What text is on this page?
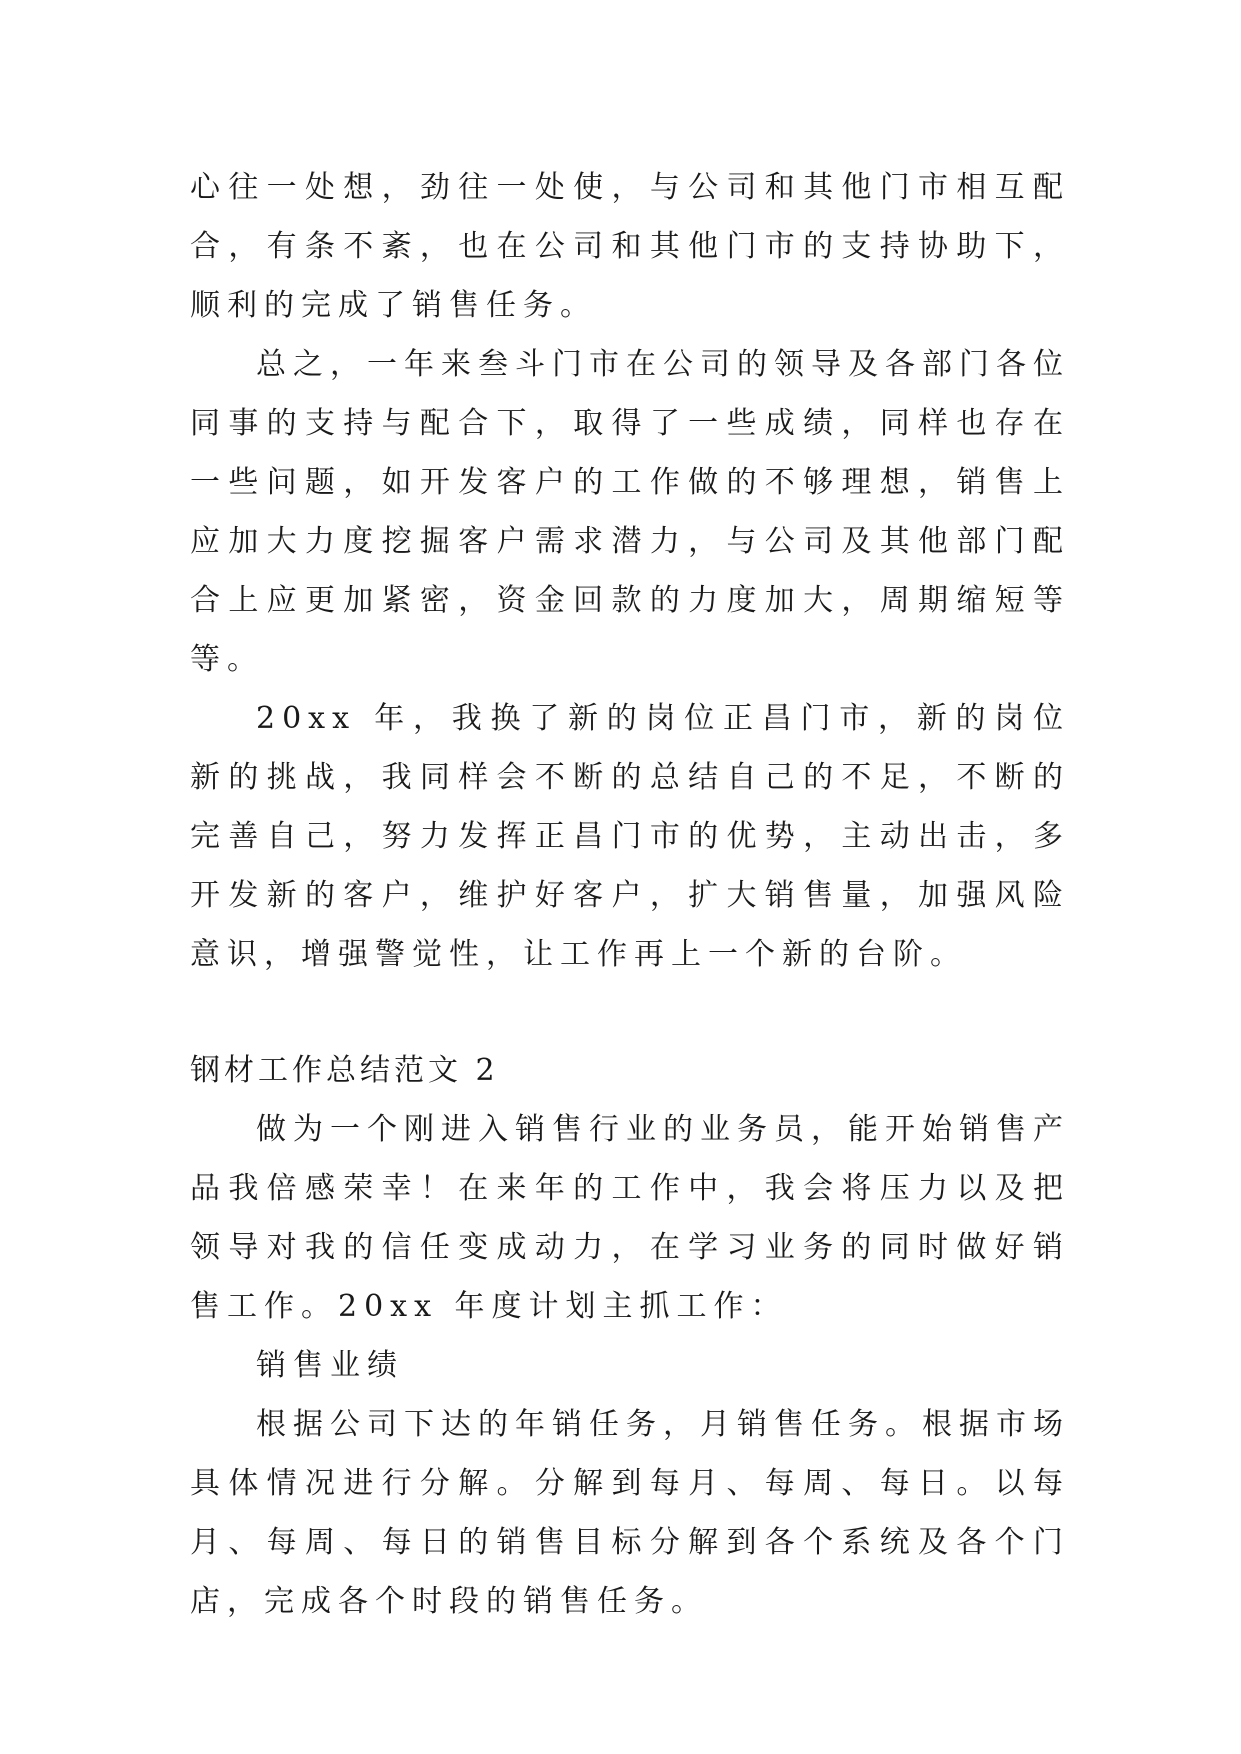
心往一处想，劲往一处使，与公司和其他门市相互配合，有条不紊，也在公司和其他门市的支持协助下，顺利的完成了销售任务。

总之，一年来叁斗门市在公司的领导及各部门各位同事的支持与配合下，取得了一些成绩，同样也存在一些问题，如开发客户的工作做的不够理想，销售上应加大力度挖掘客户需求潜力，与公司及其他部门配合上应更加紧密，资金回款的力度加大，周期缩短等等。

20xx 年，我换了新的岗位正昌门市，新的岗位新的挑战，我同样会不断的总结自己的不足，不断的完善自己，努力发挥正昌门市的优势，主动出击，多开发新的客户，维护好客户，扩大销售量，加强风险意识，增强警觉性，让工作再上一个新的台阶。

钢材工作总结范文 2

做为一个刚进入销售行业的业务员，能开始销售产品我倍感荣幸！在来年的工作中，我会将压力以及把领导对我的信任变成动力，在学习业务的同时做好销售工作。20xx 年度计划主抓工作：

销售业绩

根据公司下达的年销任务，月销售任务。根据市场具体情况进行分解。分解到每月、每周、每日。以每月、每周、每日的销售目标分解到各个系统及各个门店，完成各个时段的销售任务。
